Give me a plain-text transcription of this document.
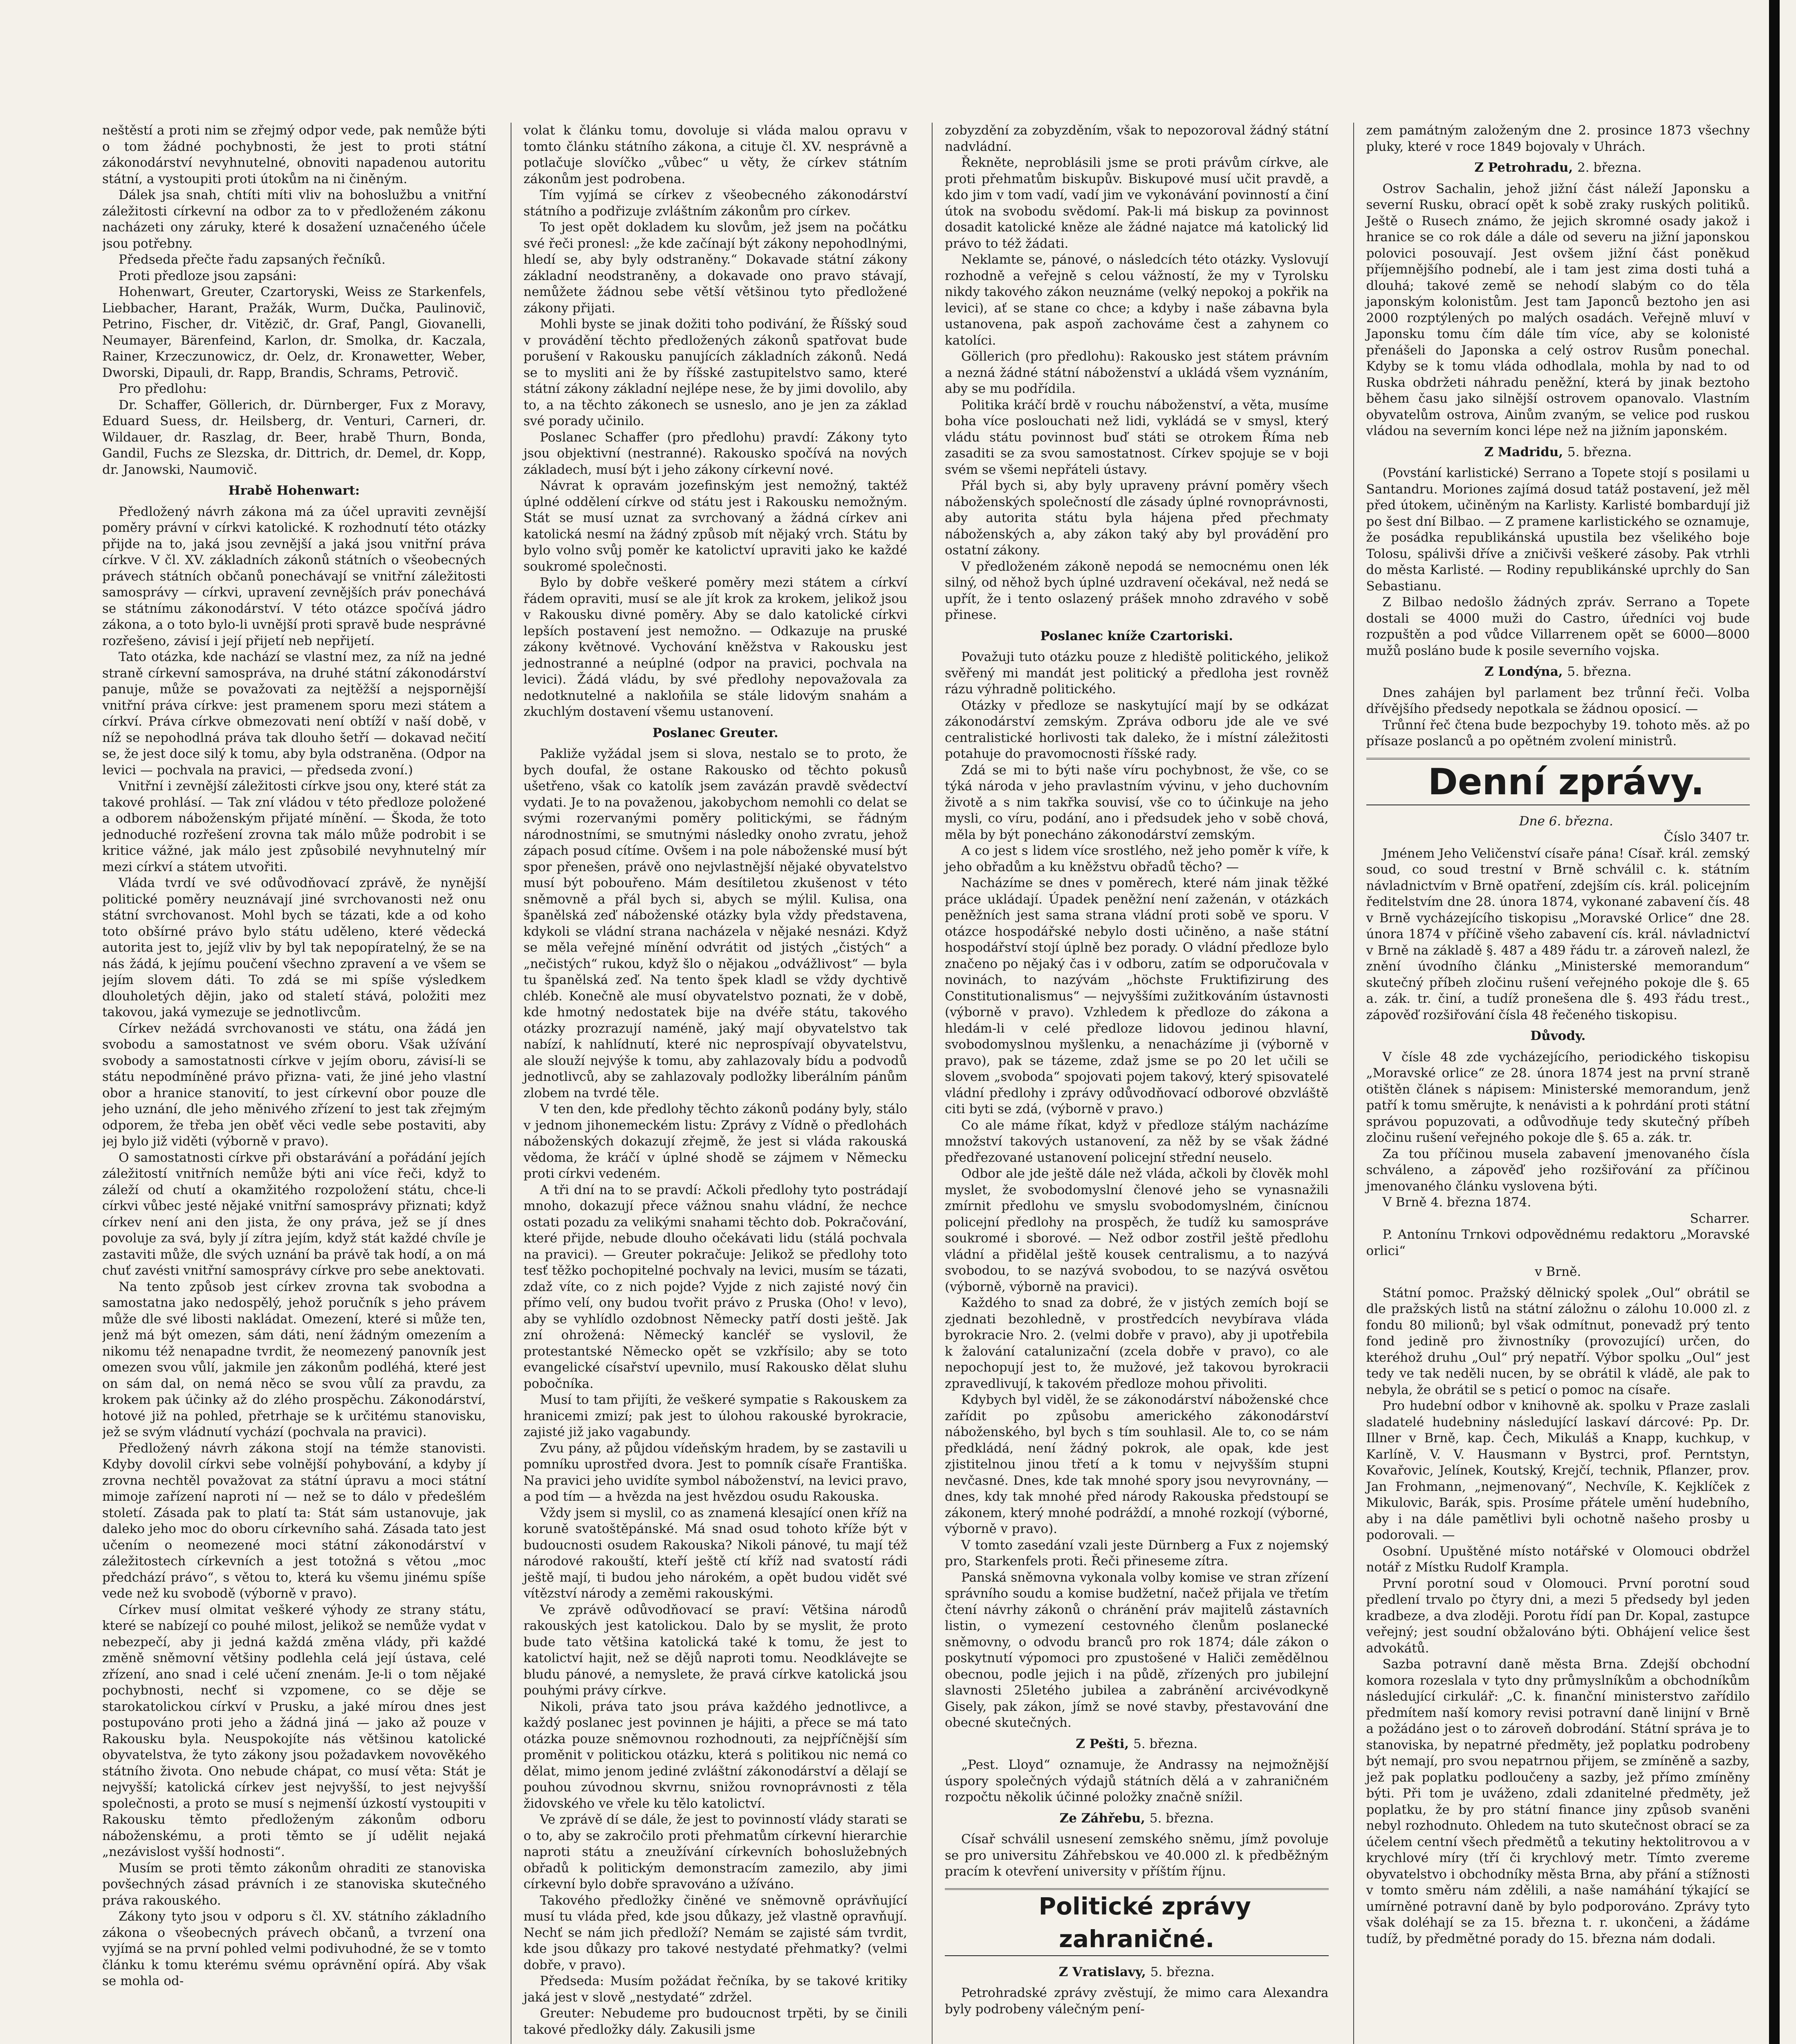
neštěstí a proti nim se zřejmý odpor vede, pak nemůže býti o tom žádné pochybnosti, že jest to proti státní zákonodárství nevyhnutelné, obnoviti napadenou autoritu státní, a vystoupiti proti útokům na ni činěným.

Dálek jsa snah, chtíti míti vliv na bohoslužbu a vnitřní záležitosti církevní na odbor za to v předloženém zákonu nacházeti ony záruky, které k dosažení uznačeného účele jsou potřebny.

Předseda přečte řadu zapsaných řečníků.

Proti předloze jsou zapsáni:

Hohenwart, Greuter, Czartoryski, Weiss ze Starkenfels, Liebbacher, Harant, Pražák, Wurm, Dučka, Paulinovič, Petrino, Fischer, dr. Vitězič, dr. Graf, Pangl, Giovanelli, Neumayer, Bärenfeind, Karlon, dr. Smolka, dr. Kaczala, Rainer, Krzeczunowicz, dr. Oelz, dr. Kronawetter, Weber, Dworski, Dipauli, dr. Rapp, Brandis, Schrams, Petrovič.

Pro předlohu:

Dr. Schaffer, Göllerich, dr. Dürnberger, Fux z Moravy, Eduard Suess, dr. Heilsberg, dr. Venturi, Carneri, dr. Wildauer, dr. Raszlag, dr. Beer, hrabě Thurn, Bonda, Gandil, Fuchs ze Slezska, dr. Dittrich, dr. Demel, dr. Kopp, dr. Janowski, Naumovič.

Hrabě Hohenwart:

Předložený návrh zákona má za účel upraviti zevnější poměry právní v církvi katolické. K rozhodnutí této otázky přijde na to, jaká jsou zevnější a jaká jsou vnitřní práva církve. V čl. XV. základních zákonů státních o všeobecných právech státních občanů ponechávají se vnitřní záležitosti samosprávy — církvi, upravení zevnějších práv ponechává se státnímu zákonodárství. V této otázce spočívá jádro zákona, a o toto bylo-li uvnější proti spravě bude nesprávné rozřešeno, závisí i její přijetí neb nepřijetí.

Tato otázka, kde nachází se vlastní mez, za níž na jedné straně církevní samospráva, na druhé státní zákonodárství panuje, může se považovati za nejtěžší a nejspornější vnitřní práva církve: jest pramenem sporu mezi státem a církví. Práva církve obmezovati není obtíží v naší době, v níž se nepohodlná práva tak dlouho šetří — dokavad nečití se, že jest doce silý k tomu, aby byla odstraněna. (Odpor na levici — pochvala na pravici, — předseda zvoní.)

Vnitřní i zevnější záležitosti církve jsou ony, které stát za takové prohlásí. — Tak zní vládou v této předloze položené a odborem náboženským přijaté mínění. — Škoda, že toto jednoduché rozřešení zrovna tak málo může podrobit i se kritice vážné, jak málo jest způsobilé nevyhnutelný mír mezi církví a státem utvořiti.

Vláda tvrdí ve své odůvodňovací zprávě, že nynější politické poměry neuznávají jiné svrchovanosti než onu státní svrchovanost. Mohl bych se tázati, kde a od koho toto obšírné právo bylo státu uděleno, které vědecká autorita jest to, jejíž vliv by byl tak nepopíratelný, že se na nás žádá, k jejímu poučení všechno zpravení a ve všem se jejím slovem dáti. To zdá se mi spíše výsledkem dlouholetých dějin, jako od staletí stává, položiti mez takovou, jaká vymezuje se jednotlivcům.

Církev nežádá svrchovanosti ve státu, ona žádá jen svobodu a samostatnost ve svém oboru. Však užívání svobody a samostatnosti církve v jejím oboru, závisí-li se státu nepodmíněné právo přizna- vati, že jiné jeho vlastní obor a hranice stanovití, to jest církevní obor pouze dle jeho uznání, dle jeho měnivého zřízení to jest tak zřejmým odporem, že třeba jen oběť věci vedle sebe postaviti, aby jej bylo již viděti (výborně v pravo).

O samostatnosti církve při obstarávání a pořádání jejích záležitostí vnitřních nemůže býti ani více řeči, když to záleží od chutí a okamžitého rozpoložení státu, chce-li církvi vůbec jesté nějaké vnitřní samosprávy přiznati; když církev není ani den jista, že ony práva, jež se jí dnes povoluje za svá, byly jí zítra jejím, když stát každé chvíle je zastaviti může, dle svých uznání ba právě tak hodí, a on má chuť zavésti vnitřní samosprávy církve pro sebe anektovati.

Na tento způsob jest církev zrovna tak svobodna a samostatna jako nedospělý, jehož poručník s jeho právem může dle své libosti nakládat. Omezení, které si může ten, jenž má být omezen, sám dáti, není žádným omezením a nikomu též nenapadne tvrdit, že neomezený panovník jest omezen svou vůlí, jakmile jen zákonům podléhá, které jest on sám dal, on nemá něco se svou vůlí za pravdu, za krokem pak účinky až do zlého prospěchu. Zákonodárství, hotové již na pohled, přetrhaje se k určitému stanovisku, jež se svým vládnutí vychází (pochvala na pravici).

Předložený návrh zákona stojí na témže stanovisti. Kdyby dovolil církvi sebe volnější pohybování, a kdyby jí zrovna nechtěl považovat za státní úpravu a moci státní mimoje zařízení naproti ní — než se to dálo v předešlém století. Zásada pak to platí ta: Stát sám ustanovuje, jak daleko jeho moc do oboru církevního sahá. Zásada tato jest učením o neomezené moci státní zákonodárství v záležitostech církevních a jest totožná s větou „moc předchází právo“, s větou to, která ku všemu jinému spíše vede než ku svobodě (výborně v pravo).

Církev musí olmitat veškeré výhody ze strany státu, které se nabízejí co pouhé milost, jelikož se nemůže vydat v nebezpečí, aby ji jedná každá změna vlády, při každé změně sněmovní většiny podlehla celá její ústava, celé zřízení, ano snad i celé učení znenám. Je-li o tom nějaké pochybnosti, nechť si vzpomene, co se děje se starokatolickou církví v Prusku, a jaké mírou dnes jest postupováno proti jeho a žádná jiná — jako až pouze v Rakousku byla. Neuspokojíte nás většinou katolické obyvatelstva, že tyto zákony jsou požadavkem novověkého státního života. Ono nebude chápat, co musí věta: Stát je nejvyšší; katolická církev jest nejvyšší, to jest nejvyšší společnosti, a proto se musí s nejmenší úzkostí vystoupiti v Rakousku těmto předloženým zákonům odboru náboženskému, a proti těmto se jí udělit nejaká „nezávislost vyšší hodnosti“.

Musím se proti těmto zákonům ohraditi ze stanoviska povšechných zásad právních i ze stanoviska skutečného práva rakouského.

Zákony tyto jsou v odporu s čl. XV. státního základního zákona o všeobecných právech občanů, a tvrzení ona vyjímá se na první pohled velmi podivuhodné, že se v tomto článku k tomu kterému svému oprávnění opírá. Aby však se mohla od-

volat k článku tomu, dovoluje si vláda malou opravu v tomto článku státního zákona, a cituje čl. XV. nesprávně a potlačuje slovíčko „vůbec“ u věty, že církev státním zákonům jest podrobena.

Tím vyjímá se církev z všeobecného zákonodárství státního a podřizuje zvláštním zákonům pro církev.

To jest opět dokladem ku slovům, jež jsem na počátku své řeči pronesl: „že kde začínají být zákony nepohodlnými, hledí se, aby byly odstraněny.“ Dokavade státní zákony základní neodstraněny, a dokavade ono pravo stávají, nemůžete žádnou sebe větší většinou tyto předložené zákony přijati.

Mohli byste se jinak dožiti toho podivání, že Říšský soud v provádění těchto předložených zákonů spatřovat bude porušení v Rakousku panujících základních zákonů. Nedá se to mysliti ani že by říšské zastupitelstvo samo, které státní zákony základní nejlépe nese, že by jimi dovolilo, aby to, a na těchto zákonech se usneslo, ano je jen za základ své porady učinilo.

Poslanec Schaffer (pro předlohu) pravdí: Zákony tyto jsou objektivní (nestranné). Rakousko spočívá na nových základech, musí být i jeho zákony církevní nové.

Návrat k opravám jozefinským jest nemožný, taktéž úplné oddělení církve od státu jest i Rakousku nemožným. Stát se musí uznat za svrchovaný a žádná církev ani katolická nesmí na žádný způsob mít nějaký vrch. Státu by bylo volno svůj poměr ke katolictví upraviti jako ke každé soukromé společnosti.

Bylo by dobře veškeré poměry mezi státem a církví řádem opraviti, musí se ale jít krok za krokem, jelikož jsou v Rakousku divné poměry. Aby se dalo katolické církvi lepších postavení jest nemožno. — Odkazuje na pruské zákony květnové. Vychování kněžstva v Rakousku jest jednostranné a neúplné (odpor na pravici, pochvala na levici). Žádá vládu, by své předlohy nepovažovala za nedotknutelné a nakloňila se stále lidovým snahám a zkuchlým dostavení všemu ustanovení.

Poslanec Greuter.

Pakliže vyžádal jsem si slova, nestalo se to proto, že bych doufal, že ostane Rakousko od těchto pokusů ušetřeno, však co katolík jsem zavázán pravdě svědectví vydati. Je to na považenou, jakobychom nemohli co delat se svými rozervanými poměry politickými, se řádným národnostními, se smutnými následky onoho zvratu, jehož zápach posud cítíme. Ovšem i na pole náboženské musí být spor přenešen, právě ono nejvlastnější nějaké obyvatelstvo musí být pobouřeno. Mám desítiletou zkušenost v této sněmovně a přál bych si, abych se mýlil. Kulisa, ona španělská zeď náboženské otázky byla vždy představena, kdykoli se vládní strana nacházela v nějaké nesnázi. Když se měla veřejné mínění odvrátit od jistých „čistých“ a „nečistých“ rukou, když šlo o nějakou „odvážlivost“ — byla tu španělská zeď. Na tento špek kladl se vždy dychtivě chléb. Konečně ale musí obyvatelstvo poznati, že v době, kde hmotný nedostatek bije na dvéře státu, takového otázky prozrazují naméně, jaký mají obyvatelstvo tak nabízí, k nahlídnutí, které nic neprospívají obyvatelstvu, ale slouží nejvýše k tomu, aby zahlazovaly bídu a podvodů jednotlivců, aby se zahlazovaly podložky liberálním pánům zlobem na tvrdé těle.

V ten den, kde předlohy těchto zákonů podány byly, stálo v jednom jihonemeckém listu: Zprávy z Vídně o předlohách náboženských dokazují zřejmě, že jest si vláda rakouská vědoma, že kráčí v úplné shodě se zájmem v Německu proti církvi vedeném.

A tři dní na to se pravdí: Ačkoli předlohy tyto postrádají mnoho, dokazují přece vážnou snahu vládní, že nechce ostati pozadu za velikými snahami těchto dob. Pokračování, které přijde, nebude dlouho očekávati lidu (stálá pochvala na pravici). — Greuter pokračuje: Jelikož se předlohy toto tesť těžko pochopitelné pochvaly na levici, musím se tázati, zdaž víte, co z nich pojde? Vyjde z nich zajisté nový čin přímo velí, ony budou tvořit právo z Pruska (Oho! v levo), aby se vyhlídlo ozdobnost Německy patří dosti ještě. Jak zní ohrožená: Německý kancléř se vyslovil, že protestantské Německo opět se vzkřísilo; aby se toto evangelické císařství upevnilo, musí Rakousko dělat sluhu pobočníka.

Musí to tam přijíti, že veškeré sympatie s Rakouskem za hranicemi zmizí; pak jest to úlohou rakouské byrokracie, zajisté již jako vagabundy.

Zvu pány, až půjdou vídeňským hradem, by se zastavili u pomníku uprostřed dvora. Jest to pomník císaře Františka. Na pravici jeho uvidíte symbol náboženství, na levici pravo, a pod tím — a hvězda na jest hvězdou osudu Rakouska.

Vždy jsem si myslil, co as znamená klesající onen kříž na koruně svatoštěpánské. Má snad osud tohoto kříže být v budoucnosti osudem Rakouska? Nikoli pánové, tu mají též národové rakouští, kteří ještě ctí kříž nad svatostí rádi ještě mají, ti budou jeho nárokém, a opět budou vidět své vítězství národy a zeměmi rakouskými.

Ve zprávě odůvodňovací se praví: Většina národů rakouských jest katolickou. Dalo by se myslit, že proto bude tato většina katolická také k tomu, že jest to katolictví hajit, než se dějů naproti tomu. Neodklávejte se bludu pánové, a nemyslete, že pravá církve katolická jsou pouhými právy církve.

Nikoli, práva tato jsou práva každého jednotlivce, a každý poslanec jest povinnen je hájiti, a přece se má tato otázka pouze sněmovnou rozhodnouti, za nejpříčnější sím proměnit v politickou otázku, která s politikou nic nemá co dělat, mimo jenom jediné zvláštní zákonodárství a dělají se pouhou zúvodnou skvrnu, snižou rovnoprávnosti z těla židovského ve vřele ku tělo katolictví.

Ve zprávě dí se dále, že jest to povinností vlády starati se o to, aby se zakročilo proti přehmatům církevní hierarchie naproti státu a zneužívání církevních bohoslužebných obřadů k politickým demonstracím zamezilo, aby jimi církevní bylo dobře spravováno a užíváno.

Takového předložky činěné ve sněmovně oprávňující musí tu vláda před, kde jsou důkazy, jež vlastně opravňují. Nechť se nám jich předloží? Nemám se zajisté sám tvrdit, kde jsou důkazy pro takové nestydaté přehmatky? (velmi dobře, v pravo).

Předseda: Musím požádat řečníka, by se takové kritiky jaká jest v slově „nestydaté“ zdržel.

Greuter: Nebudeme pro budoucnost trpěti, by se činili takové předložky dály. Zakusili jsme

zobyzdění za zobyzděním, však to nepozoroval žádný státní nadvládní.

Řekněte, neproblásili jsme se proti právům církve, ale proti přehmatům biskupův. Biskupové musí učit pravdě, a kdo jim v tom vadí, vadí jim ve vykonávání povinností a činí útok na svobodu svědomí. Pak-li má biskup za povinnost dosadit katolické kněze ale žádné najatce má katolický lid právo to též žádati.

Neklamte se, pánové, o následcích této otázky. Vyslovují rozhodně a veřejně s celou vážností, že my v Tyrolsku nikdy takového zákon neuznáme (velký nepokoj a pokřik na levici), ať se stane co chce; a kdyby i naše zábavna byla ustanovena, pak aspoň zachováme čest a zahynem co katolíci.

Göllerich (pro předlohu): Rakousko jest státem právním a nezná žádné státní náboženství a ukládá všem vyznáním, aby se mu podřídila.

Politika kráčí brdě v rouchu náboženství, a věta, musíme boha více poslouchati než lidi, vykládá se v smysl, který vládu státu povinnost buď státi se otrokem Říma neb zasaditi se za svou samostatnost. Církev spojuje se v boji svém se všemi nepřáteli ústavy.

Přál bych si, aby byly upraveny právní poměry všech náboženských společností dle zásady úplné rovnoprávnosti, aby autorita státu byla hájena před přechmaty náboženských a, aby zákon taký aby byl provádění pro ostatní zákony.

V předloženém zákoně nepodá se nemocnému onen lék silný, od něhož bych úplné uzdravení očekával, než nedá se upřít, že i tento oslazený prášek mnoho zdravého v sobě přinese.

Poslanec kníže Czartoriski.

Považuji tuto otázku pouze z hlediště politického, jelikož svěřený mi mandát jest politický a předloha jest rovněž rázu výhradně politického.

Otázky v předloze se naskytující mají by se odkázat zákonodárství zemským. Zpráva odboru jde ale ve své centralistické horlivosti tak daleko, že i místní záležitosti potahuje do pravomocnosti říšské rady.

Zdá se mi to býti naše víru pochybnost, že vše, co se týká národa v jeho pravlastním vývinu, v jeho duchovním životě a s nim takřka souvisí, vše co to účinkuje na jeho mysli, co víru, podání, ano i předsudek jeho v sobě chová, měla by být ponecháno zákonodárství zemským.

A co jest s lidem více srostlého, než jeho poměr k víře, k jeho obřadům a ku kněžstvu obřadů těcho? —

Nacházíme se dnes v poměrech, které nám jinak těžké práce ukládají. Úpadek peněžní není zaženán, v otázkách peněžních jest sama strana vládní proti sobě ve sporu. V otázce hospodářské nebylo dosti učiněno, a naše státní hospodářství stojí úplně bez porady. O vládní předloze bylo značeno po nějaký čas i v odboru, zatím se odporučovala v novinách, to nazývám „höchste Fruktifizirung des Constitutionalismus“ — nejvyššími zužitkováním ústavnosti (výborně v pravo). Vzhledem k předloze do zákona a hledám-li v celé předloze lidovou jedinou hlavní, svobodomyslnou myšlenku, a nenacházíme ji (výborně v pravo), pak se tázeme, zdaž jsme se po 20 let učili se slovem „svoboda“ spojovati pojem takový, který spisovatelé vládní předlohy i zprávy odůvodňovací odborové obzvláště citi byti se zdá, (výborně v pravo.)

Co ale máme říkat, když v předloze stálým nacházíme množství takových ustanovení, za něž by se však žádné předřezované ustanovení policejní střední neuselo.

Odbor ale jde ještě dále než vláda, ačkoli by člověk mohl myslet, že svobodomyslní členové jeho se vynasnažili zmírnit předlohu ve smyslu svobodomyslném, činícnou policejní předlohy na prospěch, že tudíž ku samospráve soukromé i sborové. — Než odbor zostřil ještě předlohu vládní a přidělal ještě kousek centralismu, a to nazývá svobodou, to se nazývá svobodou, to se nazývá osvětou (výborně, výborně na pravici).

Každého to snad za dobré, že v jistých zemích bojí se zjednati bezohledně, v prostředcích nevybírava vláda byrokracie Nro. 2. (velmi dobře v pravo), aby ji upotřebila k žalování catalunizační (zcela dobře v pravo), co ale nepochopují jest to, že mužové, jež takovou byrokracii zpravedlivují, k takovém předloze mohou přivoliti.

Kdybych byl viděl, že se zákonodárství náboženské chce zařídit po způsobu amerického zákonodárství náboženského, byl bych s tím souhlasil. Ale to, co se nám předkládá, není žádný pokrok, ale opak, kde jest zjistitelnou jinou třetí a k tomu v nejvyšším stupni nevčasné. Dnes, kde tak mnohé spory jsou nevyrovnány, — dnes, kdy tak mnohé před národy Rakouska předstoupí se zákonem, který mnohé podráždí, a mnohé rozkojí (výborné, výborně v pravo).

V tomto zasedání vzali jeste Dürnberg a Fux z nojemský pro, Starkenfels proti. Řeči přineseme zítra.

Panská sněmovna vykonala volby komise ve stran zřízení správního soudu a komise budžetní, načež přijala ve třetím čtení návrhy zákonů o chránění práv majitelů zástavních listin, o vymezení cestovného členům poslanecké sněmovny, o odvodu branců pro rok 1874; dále zákon o poskytnutí výpomoci pro zpustošené v Haliči zemědělnou obecnou, podle jejich i na půdě, zřízených pro jubilejní slavnosti 25letého jubilea a zabránění arcivévodkyně Gisely, pak zákon, jímž se nové stavby, přestavování dne obecné skutečných.

Z Pešti, 5. března.

„Pest. Lloyd“ oznamuje, že Andrassy na nejmožnější úspory společných výdajů státních dělá a v zahraničném rozpočtu několik účinné položky značně snížil.

Ze Záhřebu, 5. března.

Císař schválil usnesení zemského sněmu, jímž povoluje se pro universitu Záhřebskou ve 40.000 zl. k předběžným pracím k otevření university v příštím říjnu.

Politické zprávy zahraničné.

Z Vratislavy, 5. března.

Petrohradské zprávy zvěstují, že mimo cara Alexandra byly podrobeny válečným pení-

zem památným založeným dne 2. prosince 1873 všechny pluky, které v roce 1849 bojovaly v Uhrách.

Z Petrohradu, 2. března.

Ostrov Sachalin, jehož jižní část náleží Japonsku a severní Rusku, obrací opět k sobě zraky ruských politiků. Ještě o Rusech známo, že jejich skromné osady jakož i hranice se co rok dále a dále od severu na jižní japonskou polovici posouvají. Jest ovšem jižní část poněkud příjemnějšího podnebí, ale i tam jest zima dosti tuhá a dlouhá; takové země se nehodí slabým co do těla japonským kolonistům. Jest tam Japonců beztoho jen asi 2000 rozptýlených po malých osadách. Veřejně mluví v Japonsku tomu čím dále tím více, aby se kolonisté přenášeli do Japonska a celý ostrov Rusům ponechal. Kdyby se k tomu vláda odhodlala, mohla by nad to od Ruska obdržeti náhradu peněžní, která by jinak beztoho během času jako silnější ostrovem opanovalo. Vlastním obyvatelům ostrova, Ainům zvaným, se velice pod ruskou vládou na severním konci lépe než na jižním japonském.

Z Madridu, 5. března.

(Povstání karlistické) Serrano a Topete stojí s posilami u Santandru. Moriones zajímá dosud tatáž postavení, jež měl před útokem, učiněným na Karlisty. Karlisté bombardují již po šest dní Bilbao. — Z pramene karlistického se oznamuje, že posádka republikánská upustila bez všelikého boje Tolosu, spálivši dříve a zničivši veškeré zásoby. Pak vtrhli do města Karlisté. — Rodiny republikánské uprchly do San Sebastianu.

Z Bilbao nedošlo žádných zpráv. Serrano a Topete dostali se 4000 muži do Castro, úředníci voj bude rozpuštěn a pod vůdce Villarrenem opět se 6000—8000 mužů posláno bude k posile severního vojska.

Z Londýna, 5. března.

Dnes zahájen byl parlament bez trůnní řeči. Volba dřívějšího předsedy nepotkala se žádnou oposicí. —

Trůnní řeč čtena bude bezpochyby 19. tohoto měs. až po přísaze poslanců a po opětném zvolení ministrů.

Denní zprávy.

Dne 6. března.

Číslo 3407 tr.

Jménem Jeho Veličenství císaře pána! Císař. král. zemský soud, co soud trestní v Brně schválil c. k. státním návladnictvím v Brně opatření, zdejším cís. král. policejním ředitelstvím dne 28. února 1874, vykonané zabavení čís. 48 v Brně vycházejícího tiskopisu „Moravské Orlice“ dne 28. února 1874 v příčině všeho zabavení cís. král. návladnictví v Brně na základě §. 487 a 489 řádu tr. a zároveň nalezl, že znění úvodního článku „Ministerské memorandum“ skutečný příbeh zločinu rušení veřejného pokoje dle §. 65 a. zák. tr. činí, a tudíž pronešena dle §. 493 řádu trest., zápověď rozšiřování čísla 48 řečeného tiskopisu.

Důvody.

V čísle 48 zde vycházejícího, periodického tiskopisu „Moravské orlice“ ze 28. února 1874 jest na první straně otištěn článek s nápisem: Ministerské memorandum, jenž patří k tomu směrujte, k nenávisti a k pohrdání proti státní správou popuzovati, a odůvodňuje tedy skutečný příbeh zločinu rušení veřejného pokoje dle §. 65 a. zák. tr.

Za tou příčinou musela zabavení jmenovaného čísla schváleno, a zápověď jeho rozšiřování za příčinou jmenovaného článku vyslovena býti.

V Brně 4. března 1874.

Scharrer.

P. Antonínu Trnkovi odpovědnému redaktoru „Moravské orlici“

v Brně.

Státní pomoc. Pražský dělnický spolek „Oul“ obrátil se dle pražských listů na státní záložnu o zálohu 10.000 zl. z fondu 80 milionů; byl však odmítnut, ponevadž prý tento fond jedině pro živnostníky (provozující) určen, do kteréhož druhu „Oul“ prý nepatří. Výbor spolku „Oul“ jest tedy ve tak neděli nucen, by se obrátil k vládě, ale pak to nebyla, že obrátil se s peticí o pomoc na císaře.

Pro hudební odbor v knihovně ak. spolku v Praze zaslali sladatelé hudebniny následující laskaví dárcové: Pp. Dr. Illner v Brně, kap. Čech, Mikuláš a Knapp, kuchkup, v Karlíně, V. V. Hausmann v Bystrci, prof. Perntstyn, Kovařovic, Jelínek, Koutský, Krejčí, technik, Pflanzer, prov. Jan Frohmann, „nejmenovaný“, Nechvíle, K. Kejklíček z Mikulovic, Barák, spis. Prosíme přátele umění hudebního, aby i na dále pamětlivi byli ochotně našeho prosby u podorovali. —

Osobní. Upuštěné místo notářské v Olomouci obdržel notář z Místku Rudolf Krampla.

První porotní soud v Olomouci. První porotní soud předlení trvalo po čtyry dni, a mezi 5 předsedy byl jeden kradbeze, a dva zloději. Porotu řídí pan Dr. Kopal, zastupce veřejný; jest soudní obžalováno býti. Obhájení velice šest advokátů.

Sazba potravní daně města Brna. Zdejší obchodní komora rozeslala v tyto dny průmyslníkům a obchodníkům následující cirkulář: „C. k. finanční ministerstvo zařídilo předmítem naší komory revisi potravní daně linijní v Brně a požádáno jest o to zároveň dobrodání. Státní správa je to stanoviska, by nepatrné předměty, jež poplatku podrobeny být nemají, pro svou nepatrnou přijem, se zmíněně a sazby, jež pak poplatku podloučeny a sazby, jež přímo zmíněny býti. Při tom je uváženo, zdali zdanitelné předměty, jež poplatku, že by pro státní finance jiny způsob svaněni nebyl rozhodnuto. Ohledem na tuto skutečnost obrací se za účelem centní všech předmětů a tekutiny hektolitrovou a v krychlové míry (tří či krychlový metr. Tímto zvereme obyvatelstvo i obchodníky města Brna, aby přání a stížnosti v tomto směru nám zdělili, a naše namáhání týkající se umírněné potravní daně by bylo podporováno. Zprávy tyto však doléhají se za 15. března t. r. ukončeni, a žádáme tudíž, by předmětné porady do 15. března nám dodali.
